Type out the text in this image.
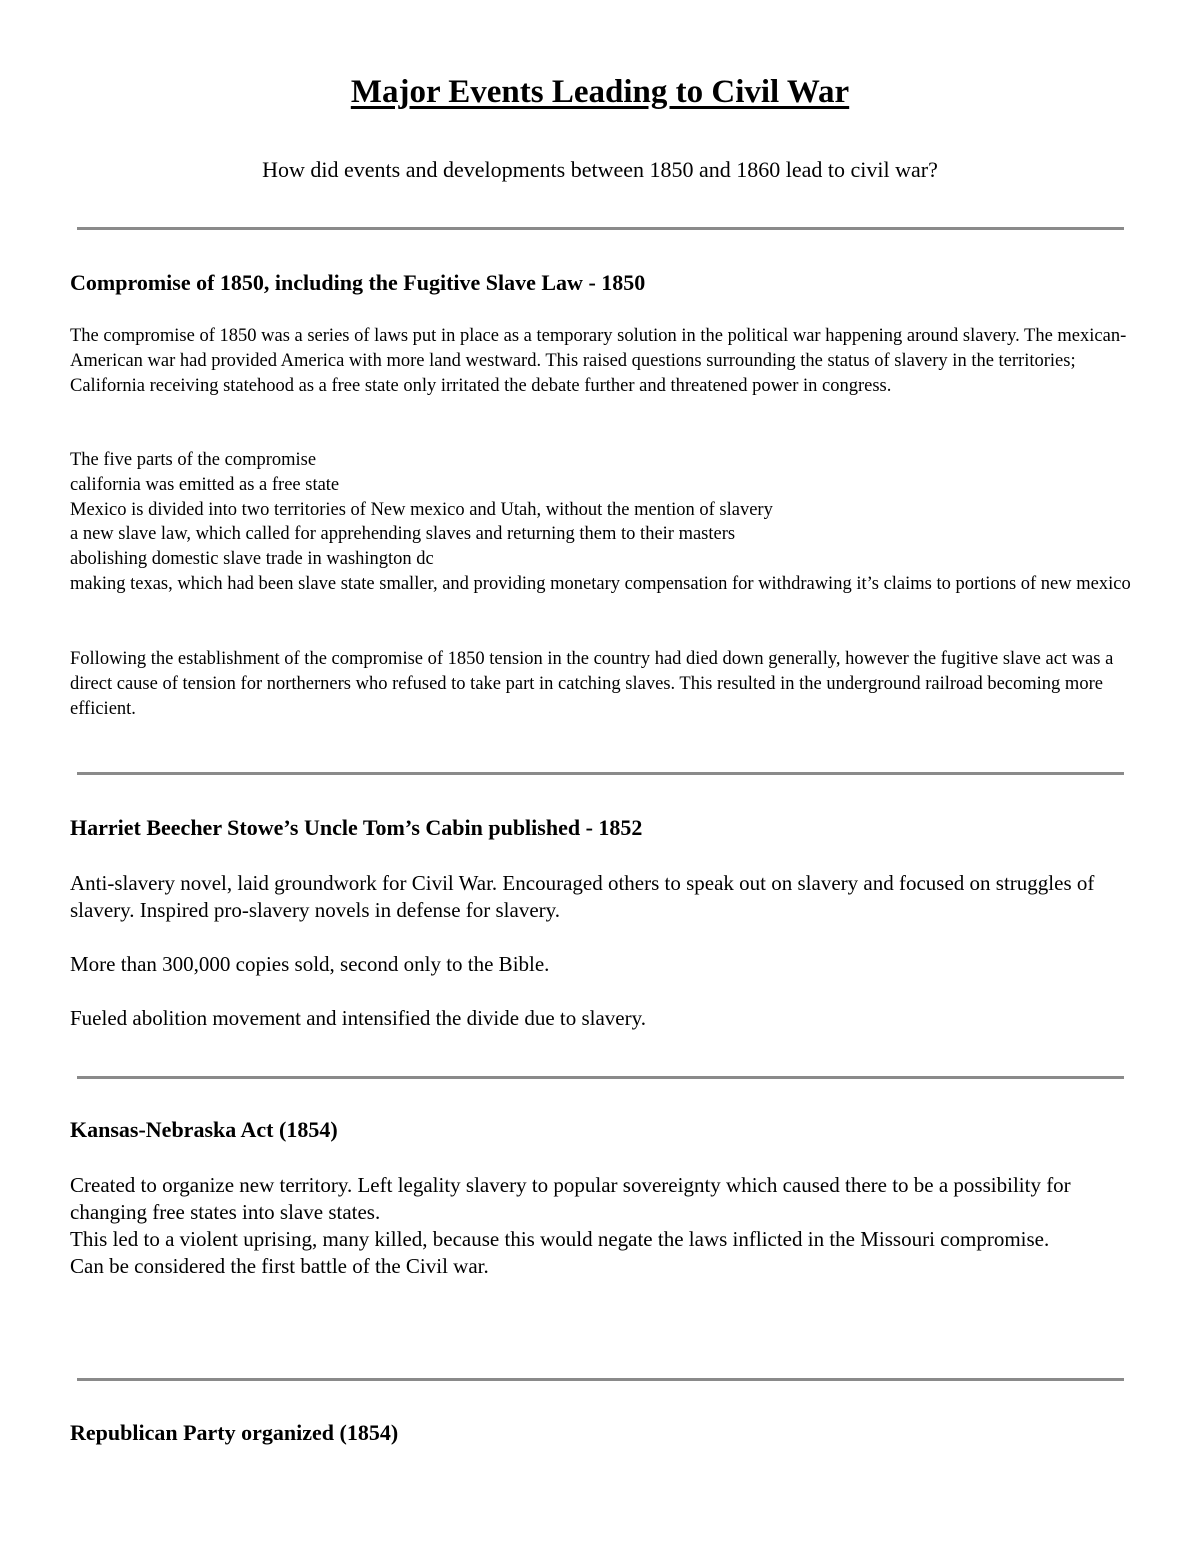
Major Events Leading to Civil War

How did events and developments between 1850 and 1860 lead to civil war?

Compromise of 1850, including the Fugitive Slave Law - 1850

The compromise of 1850 was a series of laws put in place as a temporary solution in the political war happening around slavery. The mexican-American war had provided America with more land westward. This raised questions surrounding the status of slavery in the territories; California receiving statehood as a free state only irritated the debate further and threatened power in congress.

The five parts of the compromise
california was emitted as a free state
Mexico is divided into two territories of New mexico and Utah, without the mention of slavery
a new slave law, which called for apprehending slaves and returning them to their masters
abolishing domestic slave trade in washington dc
making texas, which had been slave state smaller, and providing monetary compensation for withdrawing it’s claims to portions of new mexico

Following the establishment of the compromise of 1850 tension in the country had died down generally, however the fugitive slave act was a direct cause of tension for northerners who refused to take part in catching slaves. This resulted in the underground railroad becoming more efficient.

Harriet Beecher Stowe’s Uncle Tom’s Cabin published - 1852

Anti-slavery novel, laid groundwork for Civil War. Encouraged others to speak out on slavery and focused on struggles of slavery. Inspired pro-slavery novels in defense for slavery.

More than 300,000 copies sold, second only to the Bible.

Fueled abolition movement and intensified the divide due to slavery.

Kansas-Nebraska Act (1854)
Created to organize new territory. Left legality slavery to popular sovereignty which caused there to be a possibility for changing free states into slave states.
This led to a violent uprising, many killed, because this would negate the laws inflicted in the Missouri compromise.
Can be considered the first battle of the Civil war.
Republican Party organized (1854)
